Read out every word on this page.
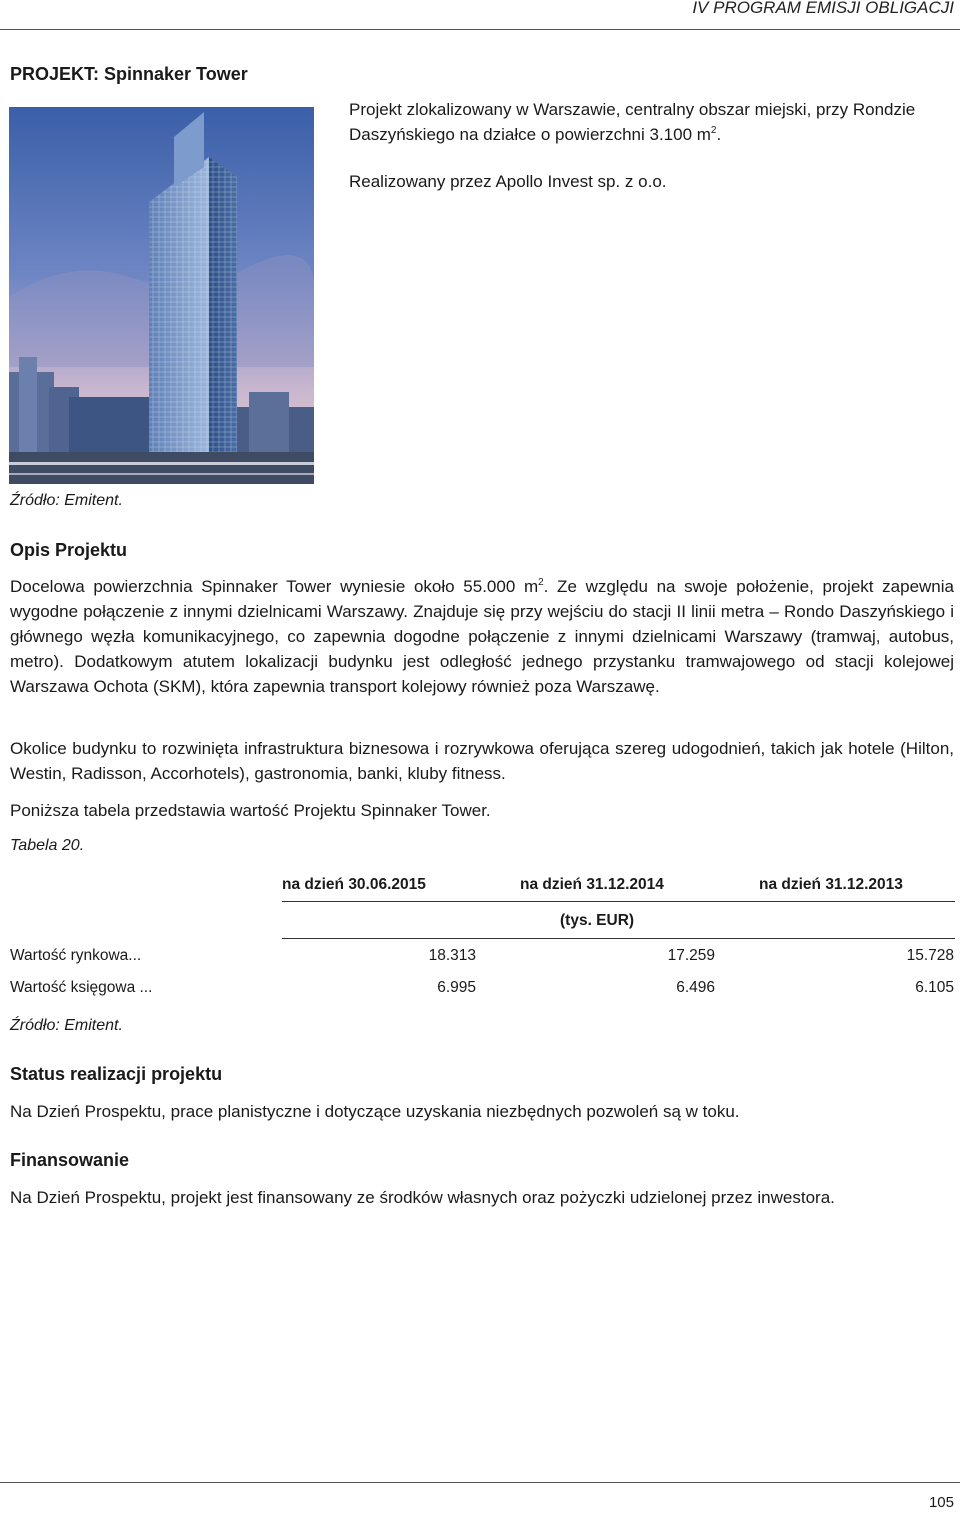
IV PROGRAM EMISJI OBLIGACJI
PROJEKT: Spinnaker Tower

Projekt zlokalizowany w Warszawie, centralny obszar miejski, przy Rondzie Daszyńskiego na działce o powierzchni 3.100 $m^2$.

Realizowany przez Apollo Invest sp. z o.o.

Źródło: Emitent.
Opis Projektu

Docelowa powierzchnia Spinnaker Tower wyniesie około 55.000 $m^2$. Ze względu na swoje położenie, projekt zapewnia wygodne połączenie z innymi dzielnicami Warszawy. Znajduje się przy wejściu do stacji II linii metra – Rondo Daszyńskiego i głównego węzła komunikacyjnego, co zapewnia dogodne połączenie z innymi dzielnicami Warszawy (tramwaj, autobus, metro). Dodatkowym atutem lokalizacji budynku jest odległość jednego przystanku tramwajowego od stacji kolejowej Warszawa Ochota (SKM), która zapewnia transport kolejowy również poza Warszawę.

Okolice budynku to rozwinięta infrastruktura biznesowa i rozrywkowa oferująca szereg udogodnień, takich jak hotele (Hilton, Westin, Radisson, Accorhotels), gastronomia, banki, kluby fitness.

Poniższa tabela przedstawia wartość Projektu Spinnaker Tower.

Tabela 20.
na dzień 30.06.2015	na dzień 31.12.2014	na dzień 31.12.2013
(tys. EUR)
Wartość rynkowa...	18.313	17.259	15.728
Wartość księgowa ...	6.995	6.496	6.105
Źródło: Emitent.
Status realizacji projektu

Na Dzień Prospektu, prace planistyczne i dotyczące uzyskania niezbędnych pozwoleń są w toku.

Finansowanie

Na Dzień Prospektu, projekt jest finansowany ze środków własnych oraz pożyczki udzielonej przez inwestora.

105
